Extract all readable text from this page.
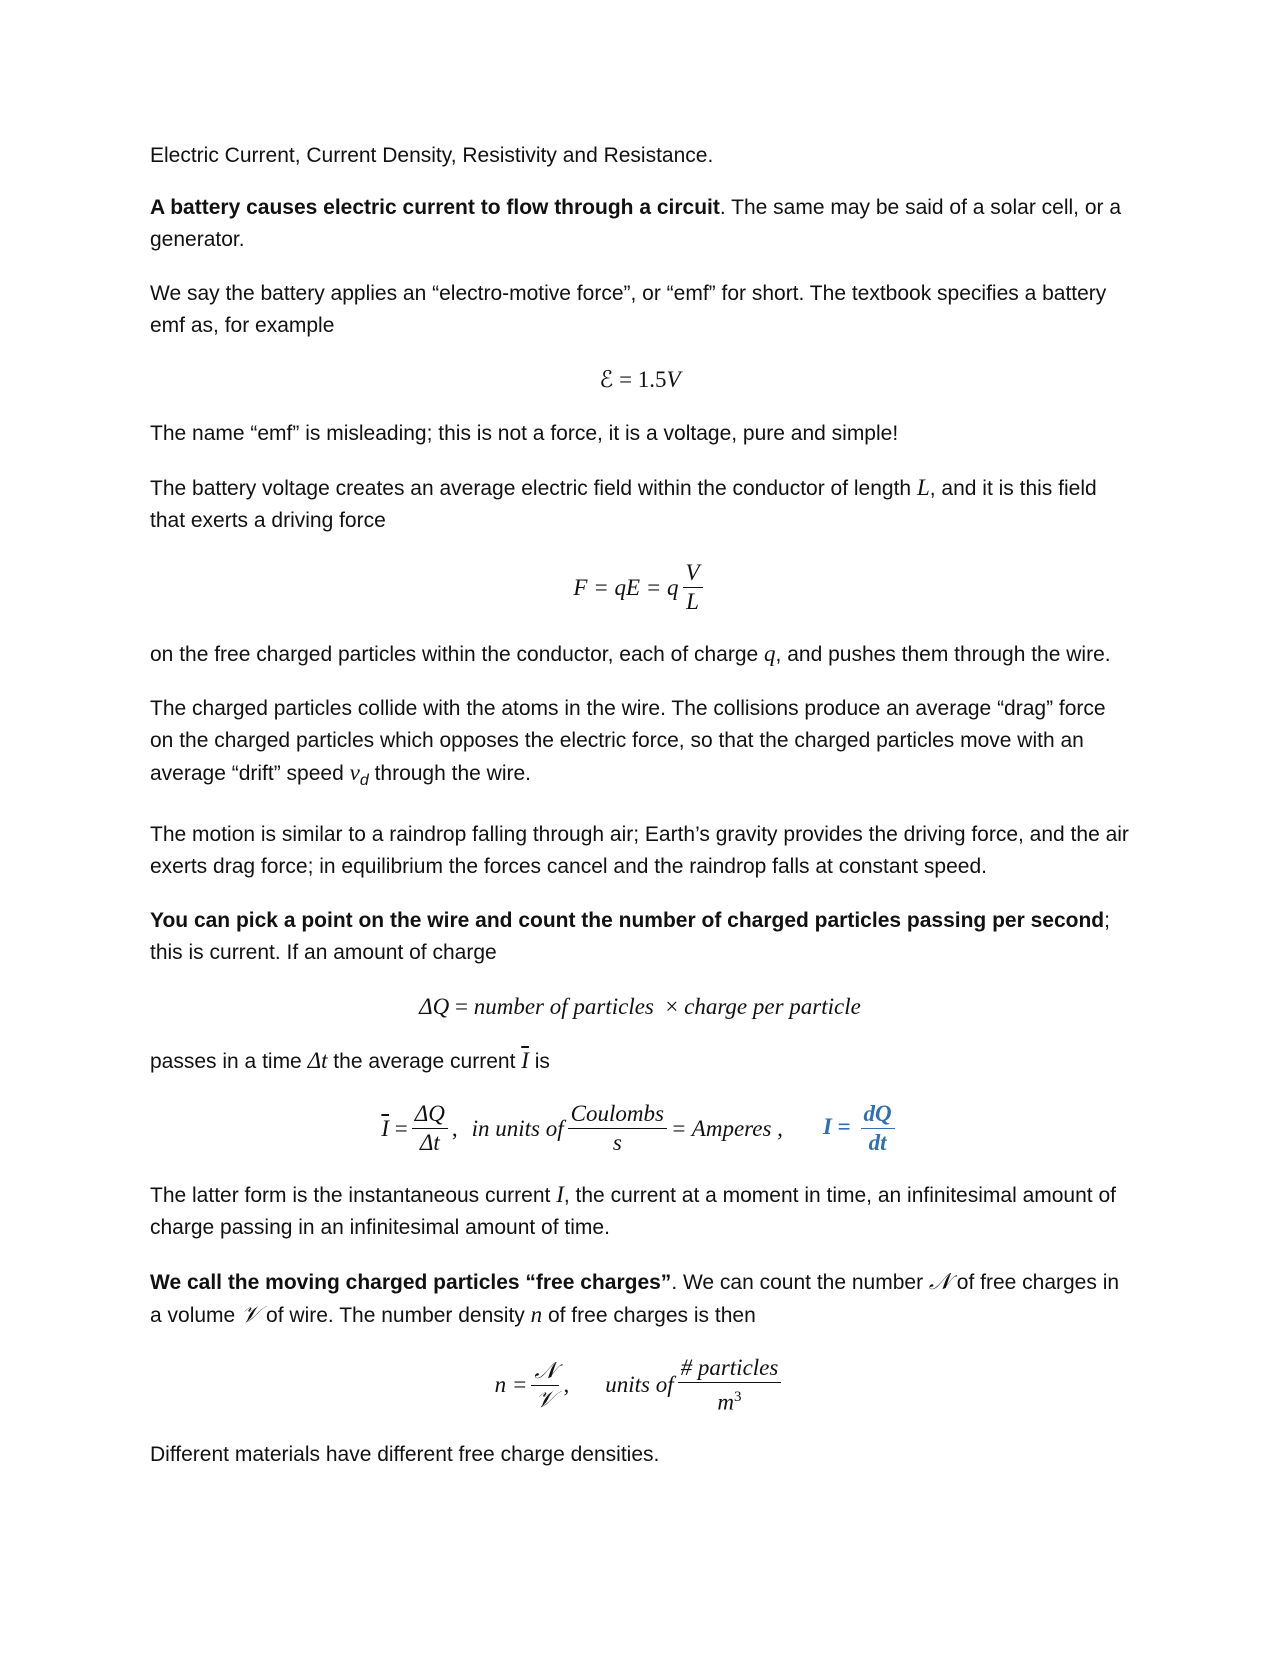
Electric Current, Current Density, Resistivity and Resistance.

A battery causes electric current to flow through a circuit. The same may be said of a solar cell, or a generator.

We say the battery applies an “electro-motive force”, or “emf” for short. The textbook specifies a battery emf as, for example

ℰ
=
1.5 V

The name “emf” is misleading; this is not a force, it is a voltage, pure and simple!

The battery voltage creates an average electric field within the conductor of length L, and it is this field that exerts a driving force

F = qE = q $\frac{V}{L}$

on the free charged particles within the conductor, each of charge q, and pushes them through the wire.

The charged particles collide with the atoms in the wire. The collisions produce an average “drag” force on the charged particles which opposes the electric force, so that the charged particles move with an average “drift” speed $v_d$ through the wire.

The motion is similar to a raindrop falling through air; Earth’s gravity provides the driving force, and the air exerts drag force; in equilibrium the forces cancel and the raindrop falls at constant speed.

You can pick a point on the wire and count the number of charged particles passing per second; this is current. If an amount of charge

ΔQ
=
number of particles
×
charge per particle

passes in a time Δt the average current $\overline{I}$ is

$\overline{I}$
= $\frac{\Delta Q}{\Delta t}$ , in units of $\frac{\text{Coulombs}}{s}$ = Amperes , $I = \frac{dQ}{dt}$

The latter form is the instantaneous current I, the current at a moment in time, an infinitesimal amount of charge passing in an infinitesimal amount of time.

We call the moving charged particles “free charges”. We can count the number 𝒩 of free charges in a volume 𝒱 of wire. The number density n of free charges is then

$n = \frac{\text{𝒩}}{\text{𝒱}}$ , units of $\frac{\text{\# particles}}{m^3}$

Different materials have different free charge densities.
